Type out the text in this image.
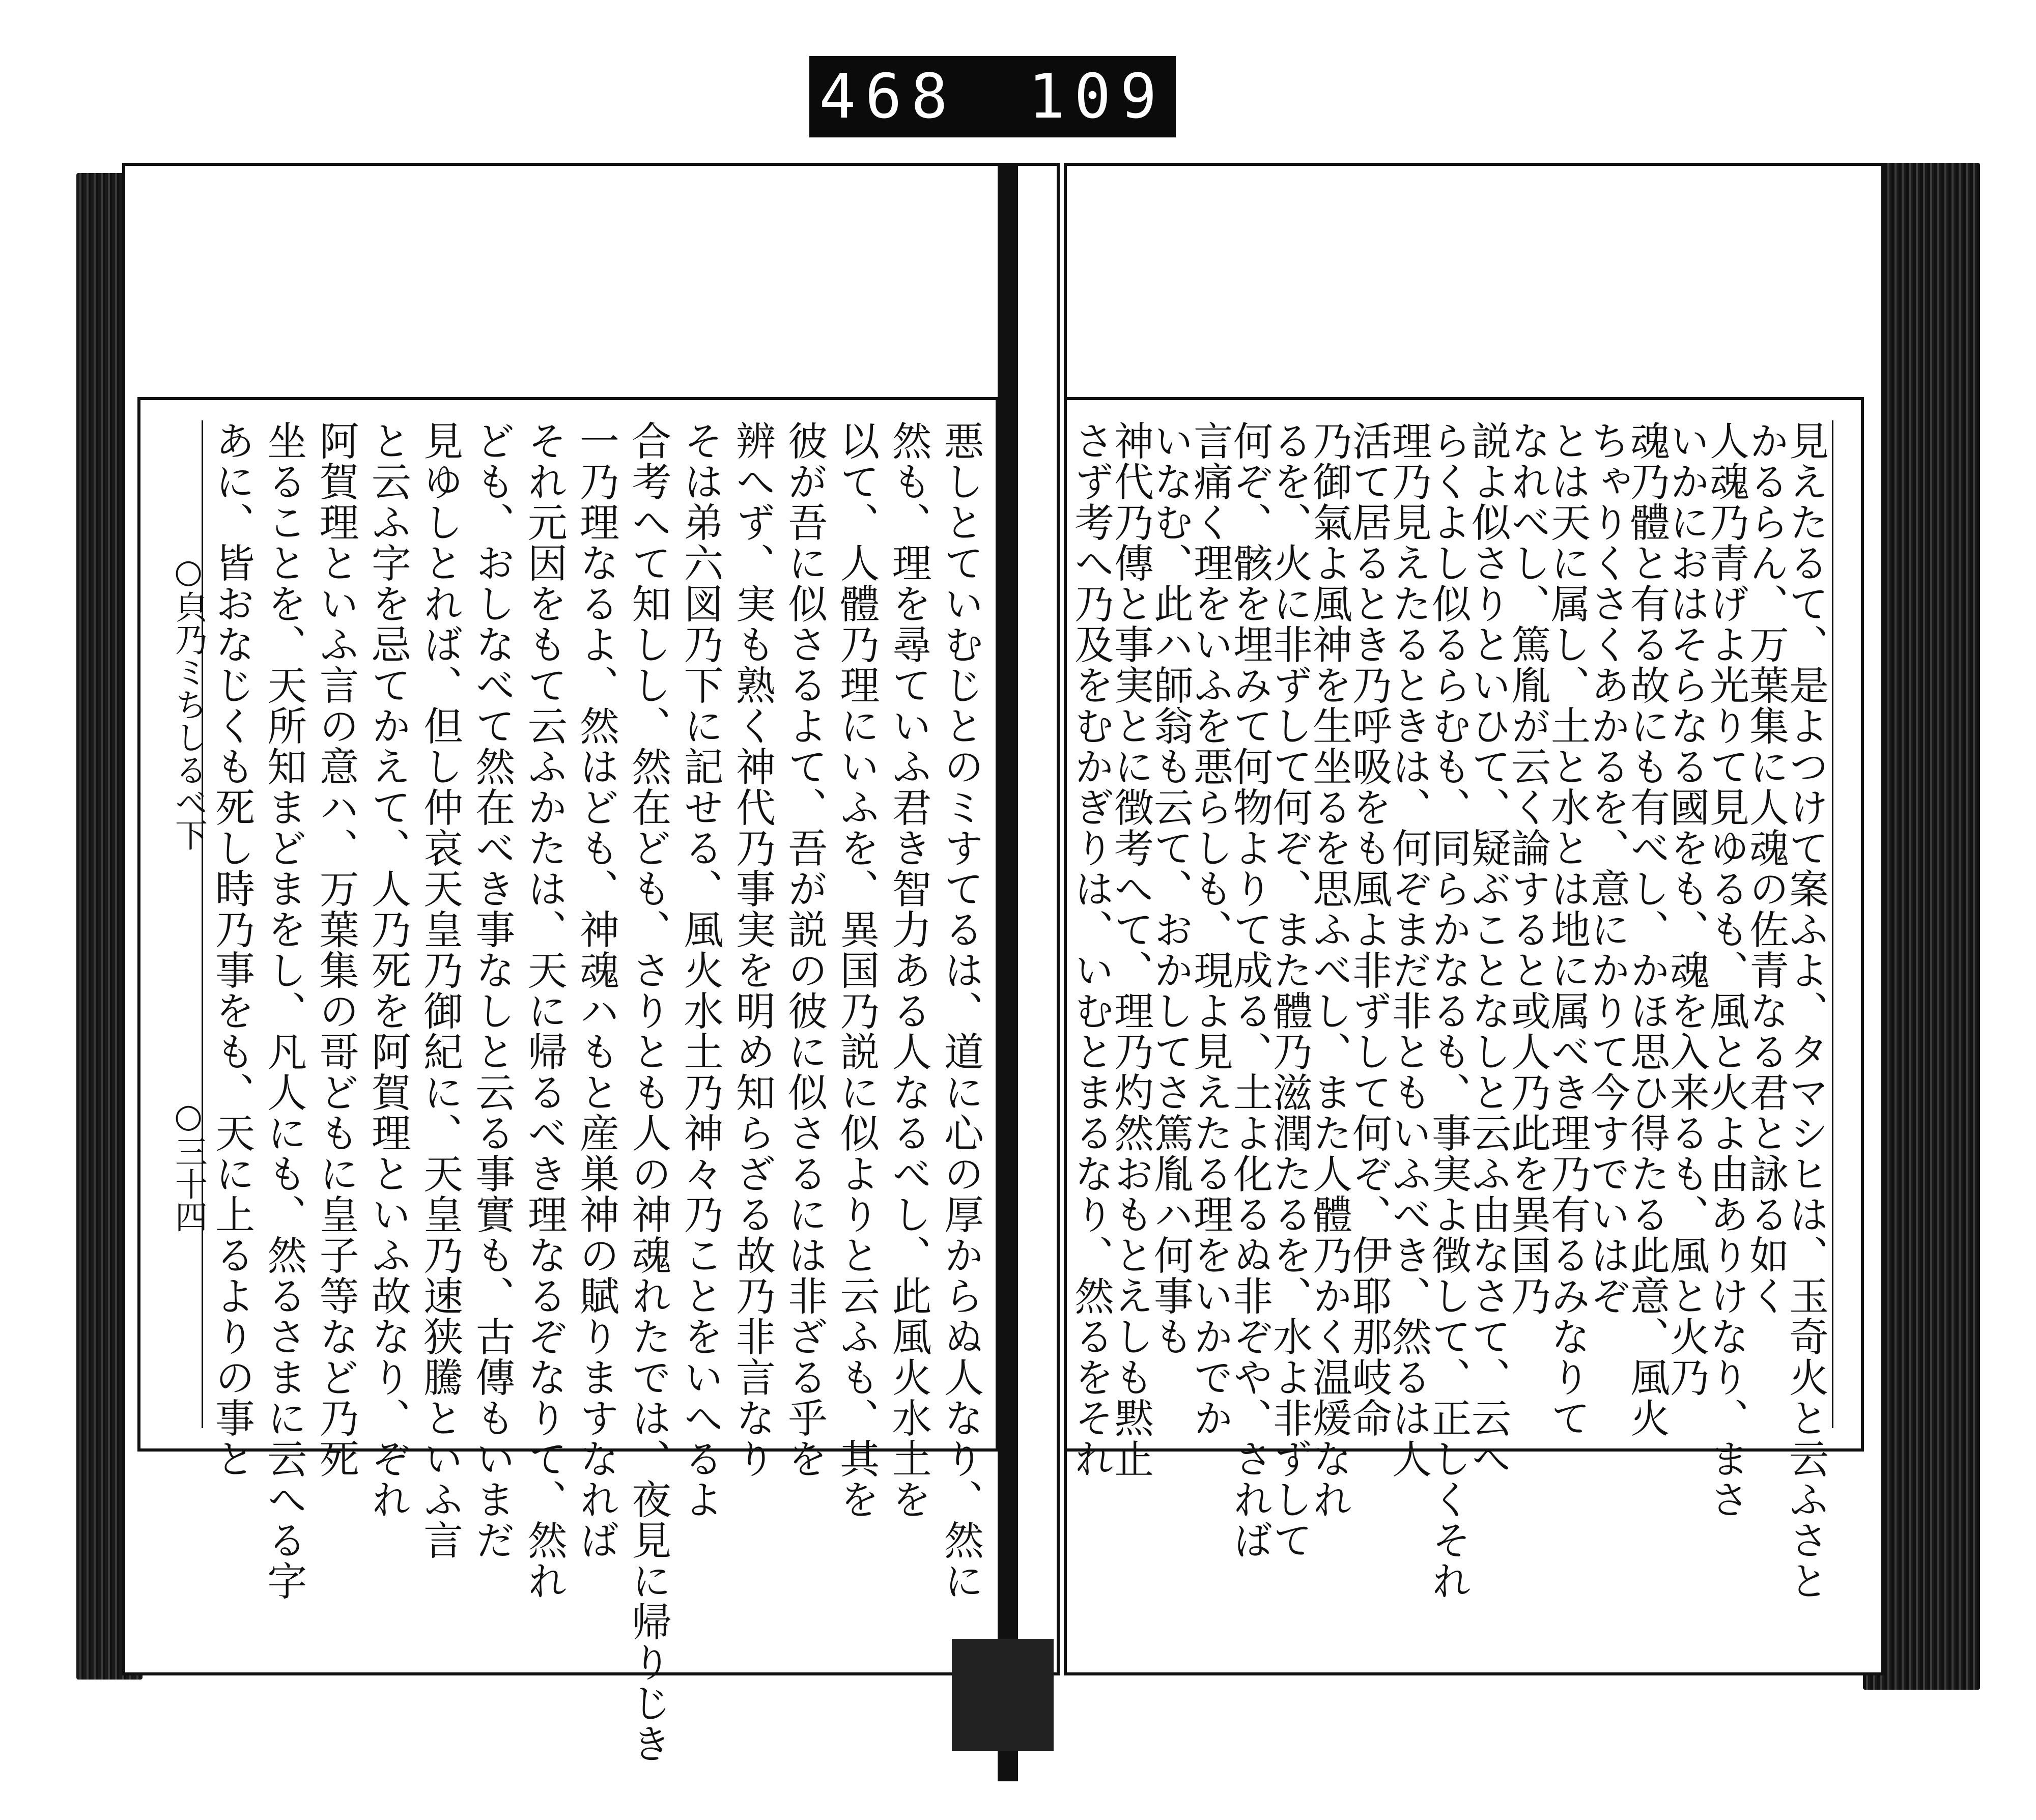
468 109
○㒵乃ミちしるべ下
○三十四	悪しとていむじとのミすてるは、道に心の厚からぬ人なり、然に
然も、理を尋ていふ君き智力ある人なるべし、此風火水土を
以て、人體乃理にいふを、異国乃説に似よりと云ふも、其を
彼が吾に似さるよて、吾が説の彼に似さるには非ざる乎を
辨へず、実も熟く神代乃事実を明め知らざる故乃非言なり
そは弟六図乃下に記せる、風火水土乃神々乃ことをいへるよ
合考へて知しし、然在ども、さりとも人の神魂れたでは、夜見に帰りじき
一乃理なるよ、然はども、神魂ハもと産巣神の賦りますなれば
それ元因をもて云ふかたは、天に帰るべき理なるぞなりて、然れ
ども、おしなべて然在べき事なしと云る事實も、古傳もいまだ
見ゆしとれば、但し仲哀天皇乃御紀に、天皇乃速狭騰といふ言
と云ふ字を忌てかえて、人乃死を阿賀理といふ故なり、ぞれ
阿賀理といふ言の意ハ、万葉集の哥どもに皇子等など乃死
坐ることを、天所知まどまをし、凡人にも、然るさまに云へる字
あに、皆おなじくも死し時乃事をも、天に上るよりの事と	見えたるて、是よつけて案ふよ、タマシヒは、玉奇火と云ふさと
かるらん、万葉集に人魂の佐青なる君と詠る如く
人魂乃青げよ光りて見ゆるも、風と火よ由ありけなり、まさ
いかにおはそらなる國をも、魂を入来るも、風と火乃
魂乃體と有る故にも有べし、かほ思ひ得たる此意、風火
ちゃりくさくあかるを、意にかりて今すでいはぞ
とは天に属し、土と水とは地に属べき理乃有るみなりて
なれべし、篤胤が云く論すると或人乃此を異国乃
説よ似さりといひて、疑ぶことなしと云ふ由なさて、云へ
らくよし似るらむも、同らかなるも、事実よ徴して、正しくそれ
理乃見えたるときは、何ぞまだ非ともいふべき、然るは人
活て居るとき乃呼吸をも風よ非ずして何ぞ、伊耶那岐命
乃御氣よ風神を生坐るを思ふべし、また人體乃かく温煖なれ
るを、火に非ずして何ぞ、また體乃滋潤たるを、水よ非ずして
何ぞ、骸を埋みて何物よりて成る、土よ化るぬ非ぞや、されば
言痛く理をいふを悪らしも、現よ見えたる理をいかでか
いなむ、此ハ師翁も云て、おかしてさ篤胤ハ何事も
神代乃傳と事実とに徴考へて、理乃灼然おもとえしも黙止
さず考へ乃及をむかぎりは、いむとまるなり、然るをそれ
